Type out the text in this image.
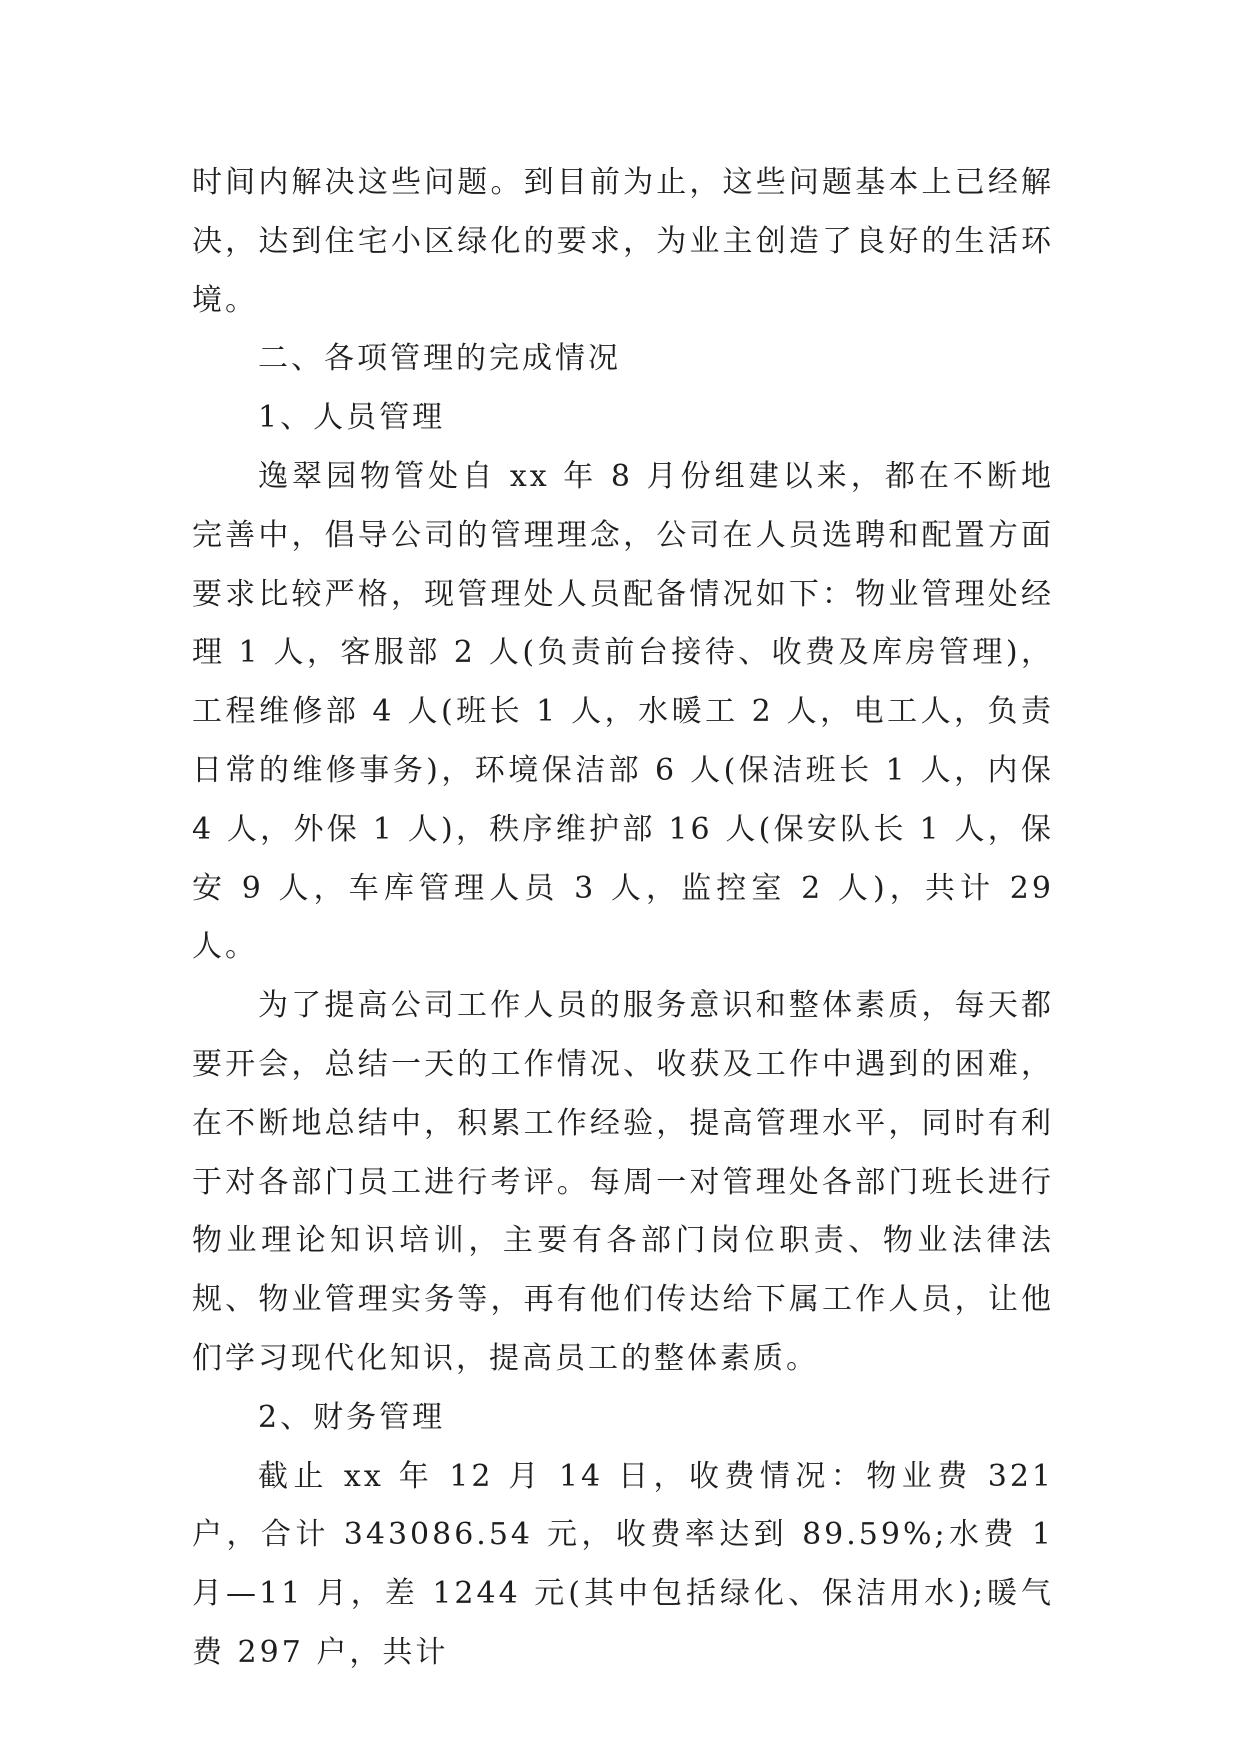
时间内解决这些问题。到目前为止，这些问题基本上已经解决，达到住宅小区绿化的要求，为业主创造了良好的生活环境。

二、各项管理的完成情况

1、人员管理

逸翠园物管处自 xx 年 8 月份组建以来，都在不断地完善中，倡导公司的管理理念，公司在人员选聘和配置方面要求比较严格，现管理处人员配备情况如下：物业管理处经理 1 人，客服部 2 人(负责前台接待、收费及库房管理)，工程维修部 4 人(班长 1 人，水暖工 2 人，电工人，负责日常的维修事务)，环境保洁部 6 人(保洁班长 1 人，内保 4 人，外保 1 人)，秩序维护部 16 人(保安队长 1 人，保安 9 人，车库管理人员 3 人，监控室 2 人)，共计 29 人。

为了提高公司工作人员的服务意识和整体素质，每天都要开会，总结一天的工作情况、收获及工作中遇到的困难，在不断地总结中，积累工作经验，提高管理水平，同时有利于对各部门员工进行考评。每周一对管理处各部门班长进行物业理论知识培训，主要有各部门岗位职责、物业法律法规、物业管理实务等，再有他们传达给下属工作人员，让他们学习现代化知识，提高员工的整体素质。

2、财务管理

截止 xx 年 12 月 14 日，收费情况：物业费 321 户，合计 343086.54 元，收费率达到 89.59%;水费 1 月—11 月，差 1244 元(其中包括绿化、保洁用水);暖气费 297 户，共计
